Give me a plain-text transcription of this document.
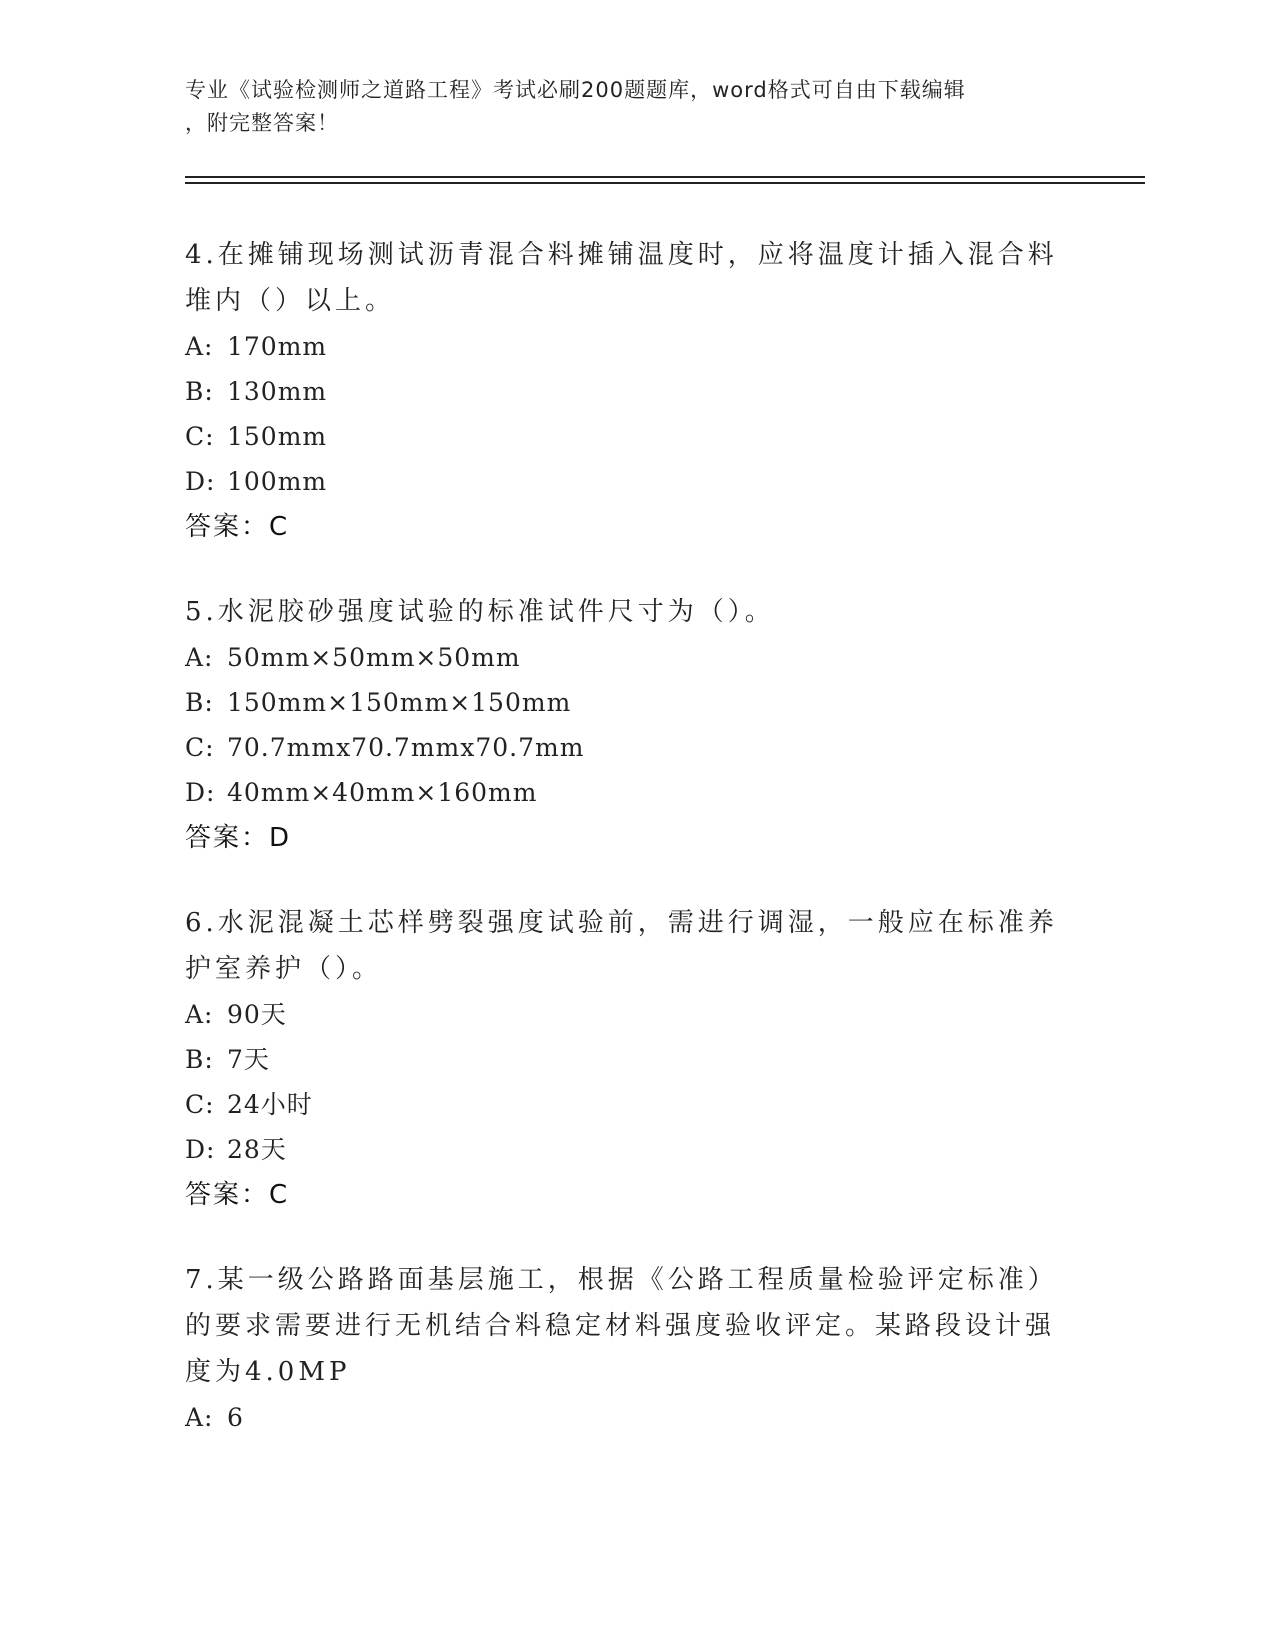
专业《试验检测师之道路工程》考试必刷200题题库，word格式可自由下载编辑
，附完整答案！
4.在摊铺现场测试沥青混合料摊铺温度时，应将温度计插入混合料堆内（）以上。
A: 170mm
B: 130mm
C: 150mm
D: 100mm
答案：C
5.水泥胶砂强度试验的标准试件尺寸为（）。
A: 50mm×50mm×50mm
B: 150mm×150mm×150mm
C: 70.7mmx70.7mmx70.7mm
D: 40mm×40mm×160mm
答案：D
6.水泥混凝土芯样劈裂强度试验前，需进行调湿，一般应在标准养护室养护（）。
A: 90天
B: 7天
C: 24小时
D: 28天
答案：C
7.某一级公路路面基层施工，根据《公路工程质量检验评定标准）的要求需要进行无机结合料稳定材料强度验收评定。某路段设计强度为4.0MP
A: 6
